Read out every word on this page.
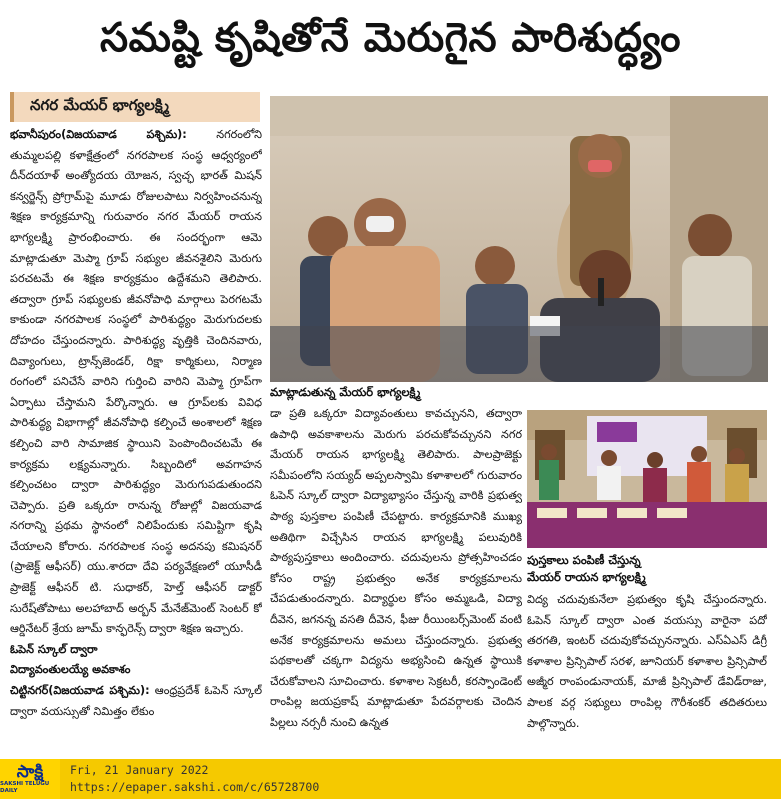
సమష్టి కృషితోనే మెరుగైన పారిశుద్ధ్యం
నగర మేయర్ భాగ్యలక్ష్మి

భవానీపురం(విజయవాడ పశ్చిమ): నగరంలోని తుమ్మలపల్లి కళాక్షేత్రంలో నగరపాలక సంస్థ ఆధ్వర్యంలో దీన్‌దయాళ్ అంత్యోదయ యోజన, స్వచ్ఛ భారత్ మిషన్ కన్వర్జెన్స్ ప్రోగ్రామ్‌పై మూడు రోజులపాటు నిర్వహించనున్న శిక్షణ కార్యక్రమాన్ని గురువారం నగర మేయర్ రాయన భాగ్యలక్ష్మి ప్రారంభించారు. ఈ సందర్భంగా ఆమె మాట్లాడుతూ మెప్మా గ్రూప్ సభ్యుల జీవనశైలిని మెరుగు పరచటమే ఈ శిక్షణ కార్యక్రమం ఉద్దేశమని తెలిపారు. తద్వారా గ్రూప్ సభ్యులకు జీవనోపాధి మార్గాలు పెరగటమే కాకుండా నగరపాలక సంస్థలో పారిశుద్ధ్యం మెరుగుదలకు దోహదం చేస్తుందన్నారు. పారిశుద్ధ్య వృత్తికి చెందినవారు, దివ్యాంగులు, ట్రాన్స్‌జెండర్, రిక్షా కార్మికులు, నిర్మాణ రంగంలో పనిచేసే వారిని గుర్తించి వారిని మెప్మా గ్రూప్‌గా ఏర్పాటు చేస్తామని పేర్కొన్నారు. ఆ గ్రూప్‌లకు వివిధ పారిశుద్ధ్య విభాగాల్లో జీవనోపాధి కల్పించే అంశాలలో శిక్షణ కల్పించి వారి సామాజిక స్థాయిని పెంపొందించటమే ఈ కార్యక్రమ లక్ష్యమన్నారు. సిబ్బందిలో అవగాహన కల్పించటం ద్వారా పారిశుద్ధ్యం మెరుగుపడుతుందని చెప్పారు. ప్రతి ఒక్కరూ రానున్న రోజుల్లో విజయవాడ నగరాన్ని ప్రథమ స్థానంలో నిలిపేందుకు సమిష్టిగా కృషి చేయాలని కోరారు. నగరపాలక సంస్థ అదనపు కమిషనర్ (ప్రాజెక్ట్ ఆఫీసర్) యు.శారదా దేవి పర్యవేక్షణలో యూసీడీ ప్రాజెక్ట్ ఆఫీసర్ టి. సుధాకర్, హెల్త్ ఆఫీసర్ డాక్టర్ సురేష్‌తోపాటు అలహాబాద్ అర్బన్ మేనేజ్‌మెంట్ సెంటర్ కో ఆర్డినేటర్ శ్రేయ జూమ్ కాన్ఫరెన్స్ ద్వారా శిక్షణ ఇచ్చారు.

ఓపెన్ స్కూల్ ద్వారా

విద్యావంతులయ్యే అవకాశం

చిట్టినగర్(విజయవాడ పశ్చిమ): ఆంధ్రప్రదేశ్ ఓపెన్ స్కూల్ ద్వారా వయస్సుతో నిమిత్తం లేకుం

మాట్లాడుతున్న మేయర్ భాగ్యలక్ష్మి

డా ప్రతి ఒక్కరూ విద్యావంతులు కావచ్చునని, తద్వారా ఉపాధి అవకాశాలను మెరుగు పరచుకోవచ్చునని నగర మేయర్ రాయన భాగ్యలక్ష్మి తెలిపారు. పాలప్రాజెక్టు సమీపంలోని సయ్యద్ అప్పలస్వామి కళాశాలలో గురువారం ఓపెన్ స్కూల్ ద్వారా విద్యాభ్యాసం చేస్తున్న వారికి ప్రభుత్వ పాఠ్య పుస్తకాల పంపిణీ చేపట్టారు. కార్యక్రమానికి ముఖ్య అతిథిగా విచ్చేసిన రాయన భాగ్యలక్ష్మి పలువురికి పాఠ్యపుస్తకాలు అందించారు. చదువులను ప్రోత్సహించడం కోసం రాష్ట్ర ప్రభుత్వం అనేక కార్యక్రమాలను చేపడుతుందన్నారు. విద్యార్థుల కోసం అమ్మఒడి, విద్యా దీవెన, జగనన్న వసతి దీవెన, ఫీజు రీయింబర్స్‌మెంట్ వంటి అనేక కార్యక్రమాలను అమలు చేస్తుందన్నారు. ప్రభుత్వ పథకాలతో చక్కగా విద్యను అభ్యసించి ఉన్నత స్థాయికి చేరుకోవాలని సూచించారు. కళాశాల సెక్రటరీ, కరస్పాండెంట్ రాంపిల్ల జయప్రకాష్ మాట్లాడుతూ పేదవర్గాలకు చెందిన పిల్లలు నర్సరీ నుంచి ఉన్నత

పుస్తకాలు పంపిణీ చేస్తున్న
మేయర్ రాయన భాగ్యలక్ష్మి

విద్య చదువుకునేలా ప్రభుత్వం కృషి చేస్తుందన్నారు. ఓపెన్ స్కూల్ ద్వారా ఎంత వయస్సు వారైనా పదో తరగతి, ఇంటర్ చదువుకోవచ్చునన్నారు. ఎస్ఏఎస్ డిగ్రీ కళాశాల ప్రిన్సిపాల్ సరళ, జూనియర్ కళాశాల ప్రిన్సిపాల్ అజ్మీర రాంపండునాయక్, మాజీ ప్రిన్సిపాల్ డేవిడ్‌రాజు, పాలక వర్గ సభ్యులు రాంపిల్ల గౌరీశంకర్ తదితరులు పాల్గొన్నారు.

సాక్షి
SAKSHI TELUGU DAILY
Fri, 21 January 2022
https://epaper.sakshi.com/c/65728700
